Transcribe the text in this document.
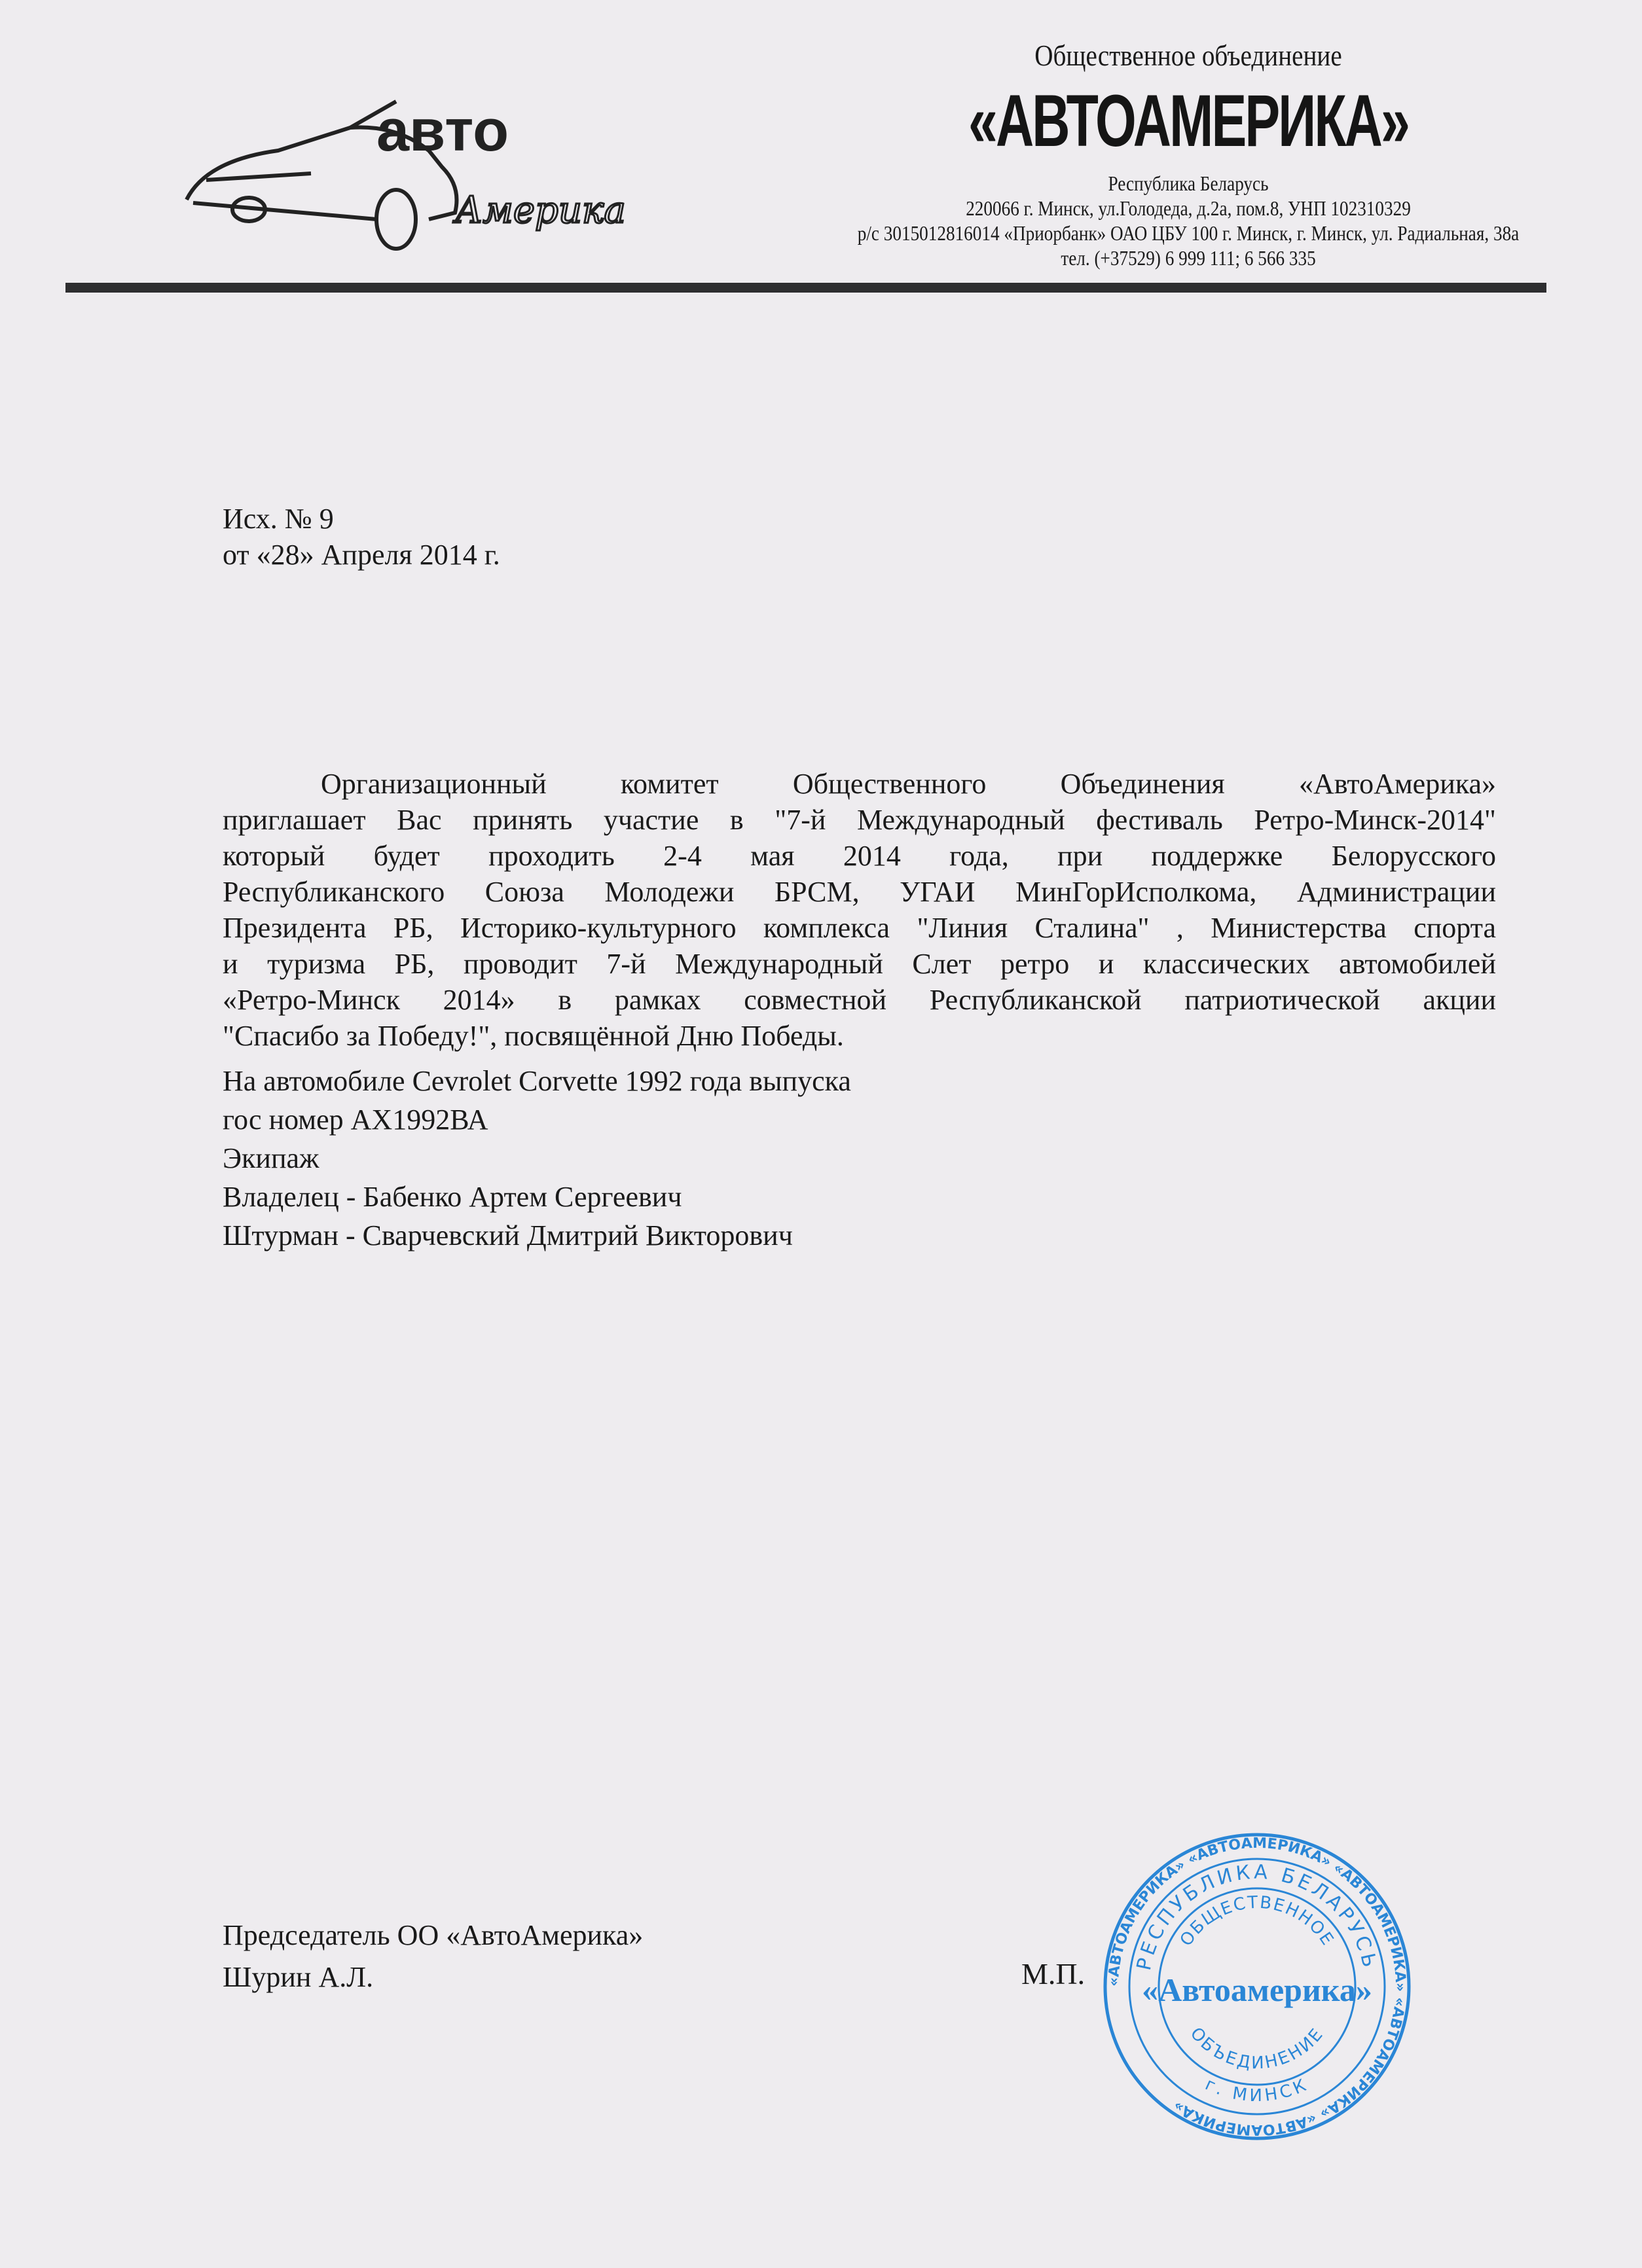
авто
Америка
Общественное объединение
«АВТОАМЕРИКА»
Республика Беларусь
220066 г. Минск, ул.Голодеда, д.2а, пом.8, УНП 102310329
р/с 3015012816014 «Приорбанк» ОАО ЦБУ 100 г. Минск, г. Минск, ул. Радиальная, 38а
тел. (+37529) 6 999 111; 6 566 335
Исх. № 9
от «28» Апреля 2014 г.
Организационный комитет Общественного Объединения «АвтоАмерика»
приглашает Вас принять участие в "7-й Международный фестиваль Ретро-Минск-2014"
который будет проходить 2-4 мая 2014 года, при поддержке Белорусского
Республиканского Союза Молодежи БРСМ, УГАИ МинГорИсполкома, Администрации
Президента РБ, Историко-культурного комплекса "Линия Сталина" , Министерства спорта
и туризма РБ, проводит 7-й Международный Слет ретро и классических автомобилей
«Ретро-Минск 2014» в рамках совместной Республиканской патриотической акции
"Спасибо за Победу!", посвящённой Дню Победы.
На автомобиле Cevrolet Corvette 1992 года выпуска
гос номер АХ1992ВА
Экипаж
Владелец - Бабенко Артем Сергеевич
Штурман - Сварчевский Дмитрий Викторович
Председатель ОО «АвтоАмерика»
Шурин А.Л.	«АВТОАМЕРИКА» «АВТОАМЕРИКА» «АВТОАМЕРИКА» «АВТОАМЕРИКА» «АВТОАМЕРИКА»
РЕСПУБЛИКА БЕЛАРУСЬ
ОБЩЕСТВЕННОЕ
«Автоамерика»
ОБЪЕДИНЕНИЕ
г. МИНСК
М.П.
